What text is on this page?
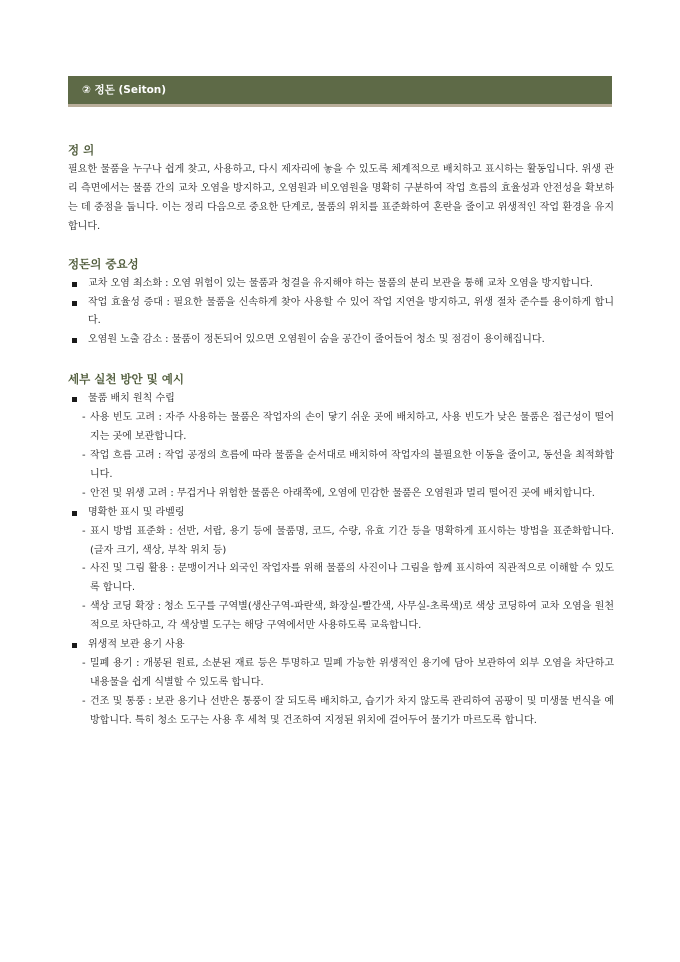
② 정돈 (Seiton)
정 의

필요한 물품을 누구나 쉽게 찾고, 사용하고, 다시 제자리에 놓을 수 있도록 체계적으로 배치하고 표시하는 활동입니다. 위생 관리 측면에서는 물품 간의 교차 오염을 방지하고, 오염원과 비오염원을 명확히 구분하여 작업 흐름의 효율성과 안전성을 확보하는 데 중점을 둡니다. 이는 정리 다음으로 중요한 단계로, 물품의 위치를 표준화하여 혼란을 줄이고 위생적인 작업 환경을 유지합니다.

정돈의 중요성
교차 오염 최소화 : 오염 위험이 있는 물품과 청결을 유지해야 하는 물품의 분리 보관을 통해 교차 오염을 방지합니다.
작업 효율성 증대 : 필요한 물품을 신속하게 찾아 사용할 수 있어 작업 지연을 방지하고, 위생 절차 준수를 용이하게 합니다.
오염원 노출 감소 : 물품이 정돈되어 있으면 오염원이 숨을 공간이 줄어들어 청소 및 점검이 용이해집니다.
세부 실천 방안 및 예시
물품 배치 원칙 수립
- 사용 빈도 고려 : 자주 사용하는 물품은 작업자의 손이 닿기 쉬운 곳에 배치하고, 사용 빈도가 낮은 물품은 접근성이 떨어지는 곳에 보관합니다.
- 작업 흐름 고려 : 작업 공정의 흐름에 따라 물품을 순서대로 배치하여 작업자의 불필요한 이동을 줄이고, 동선을 최적화합니다.
- 안전 및 위생 고려 : 무겁거나 위험한 물품은 아래쪽에, 오염에 민감한 물품은 오염원과 멀리 떨어진 곳에 배치합니다.
명확한 표시 및 라벨링
- 표시 방법 표준화 : 선반, 서랍, 용기 등에 물품명, 코드, 수량, 유효 기간 등을 명확하게 표시하는 방법을 표준화합니다. (글자 크기, 색상, 부착 위치 등)
- 사진 및 그림 활용 : 문맹이거나 외국인 작업자를 위해 물품의 사진이나 그림을 함께 표시하여 직관적으로 이해할 수 있도록 합니다.
- 색상 코딩 확장 : 청소 도구를 구역별(생산구역-파란색, 화장실-빨간색, 사무실-초록색)로 색상 코딩하여 교차 오염을 원천적으로 차단하고, 각 색상별 도구는 해당 구역에서만 사용하도록 교육합니다.
위생적 보관 용기 사용
- 밀폐 용기 : 개봉된 원료, 소분된 재료 등은 투명하고 밀폐 가능한 위생적인 용기에 담아 보관하여 외부 오염을 차단하고 내용물을 쉽게 식별할 수 있도록 합니다.
- 건조 및 통풍 : 보관 용기나 선반은 통풍이 잘 되도록 배치하고, 습기가 차지 않도록 관리하여 곰팡이 및 미생물 번식을 예방합니다. 특히 청소 도구는 사용 후 세척 및 건조하여 지정된 위치에 걸어두어 물기가 마르도록 합니다.
